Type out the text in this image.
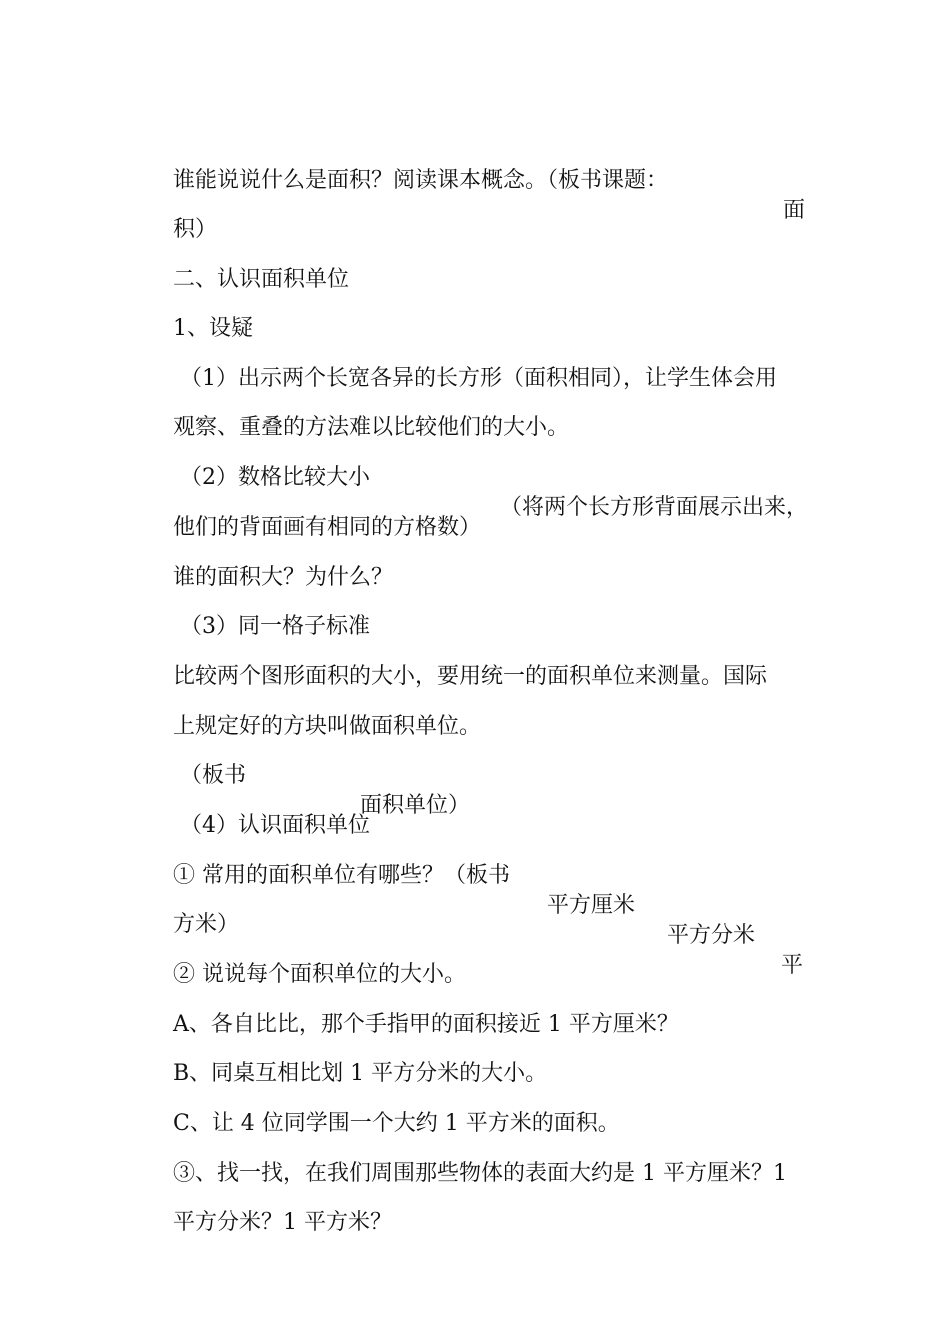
谁能说说什么是面积？阅读课本概念。（板书课题：

面

积）

二、认识面积单位

1、设疑

（1）出示两个长宽各异的长方形（面积相同），让学生体会用

观察、重叠的方法难以比较他们的大小。

（2）数格比较大小

（将两个长方形背面展示出来，

他们的背面画有相同的方格数）

谁的面积大？为什么？

（3）同一格子标准

比较两个图形面积的大小，要用统一的面积单位来测量。国际

上规定好的方块叫做面积单位。

（板书

面积单位）

（4）认识面积单位

① 常用的面积单位有哪些？（板书

平方厘米

平方分米

平

方米）

② 说说每个面积单位的大小。

A、各自比比，那个手指甲的面积接近 1 平方厘米？

B、同桌互相比划 1 平方分米的大小。

C、让 4 位同学围一个大约 1 平方米的面积。

③、找一找，在我们周围那些物体的表面大约是 1 平方厘米？1

平方分米？1 平方米？
